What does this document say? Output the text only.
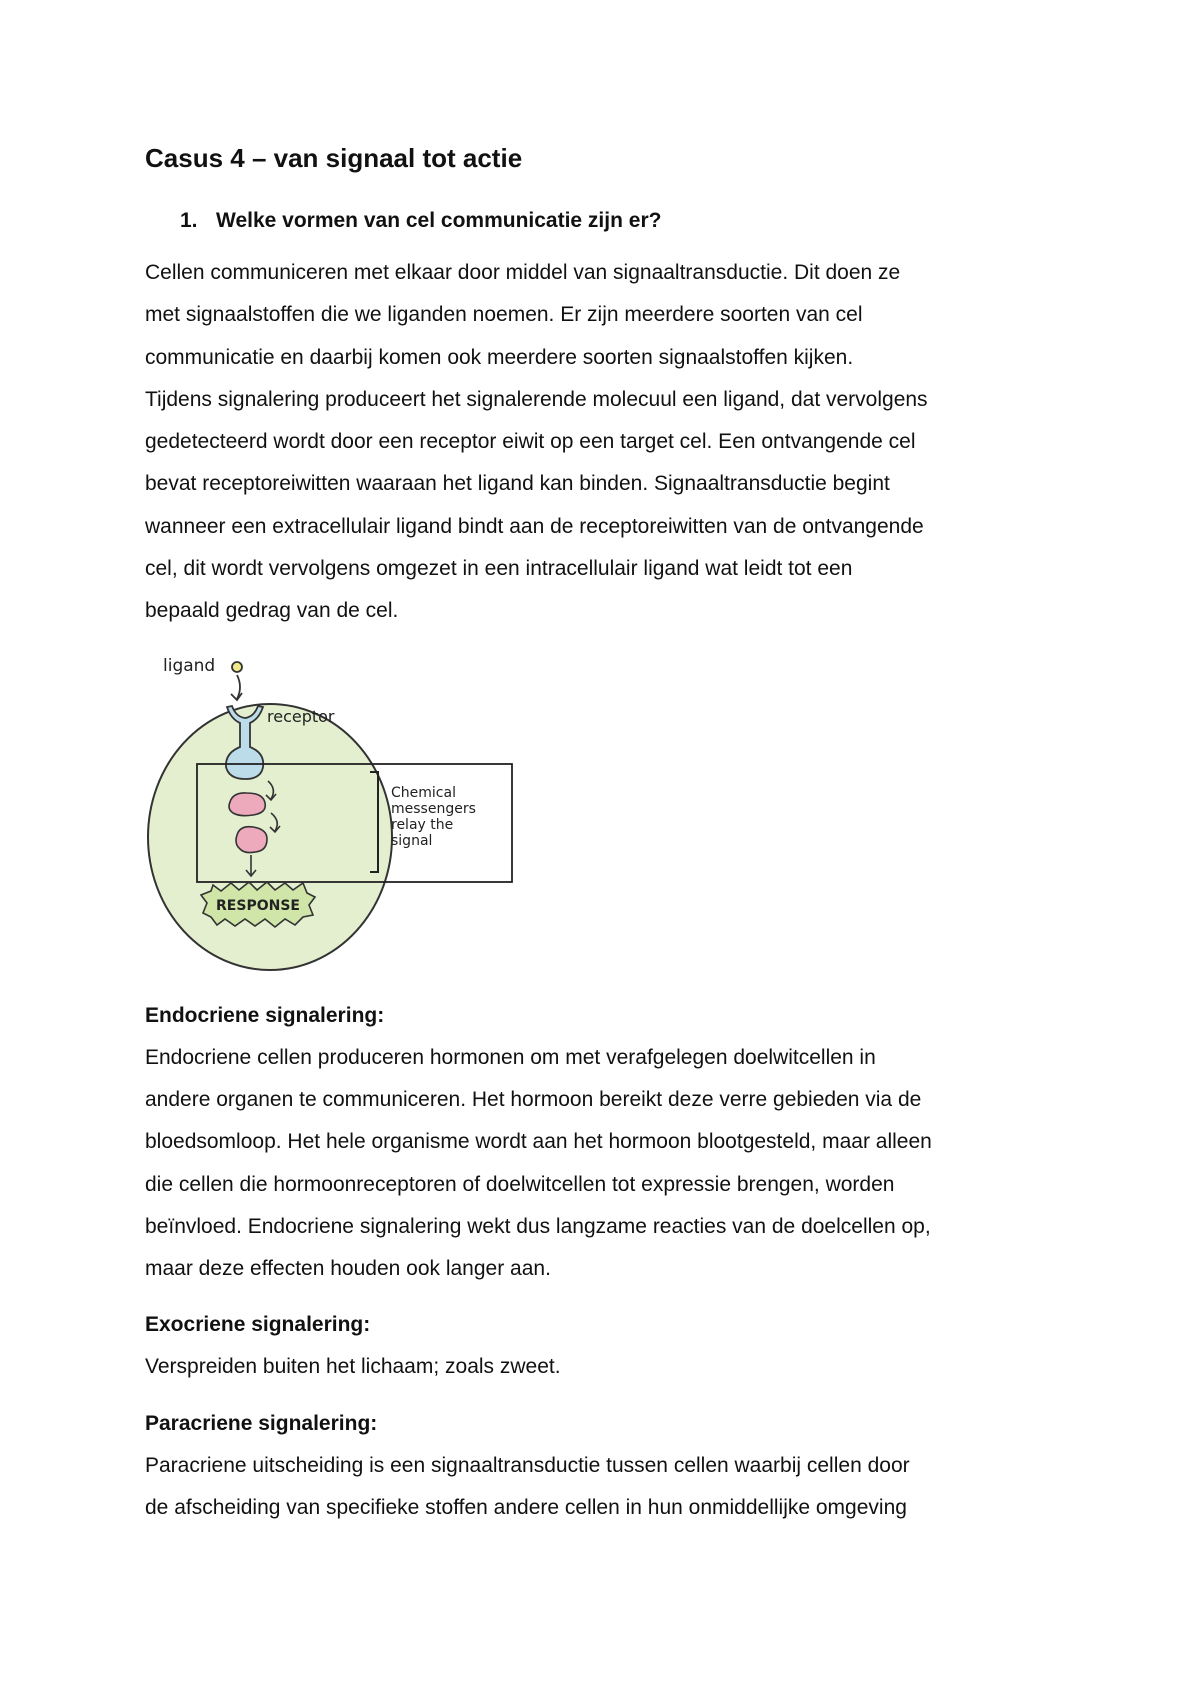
Casus 4 – van signaal tot actie
1. Welke vormen van cel communicatie zijn er?

Cellen communiceren met elkaar door middel van signaaltransductie. Dit doen ze

met signaalstoffen die we liganden noemen. Er zijn meerdere soorten van cel

communicatie en daarbij komen ook meerdere soorten signaalstoffen kijken.

Tijdens signalering produceert het signalerende molecuul een ligand, dat vervolgens

gedetecteerd wordt door een receptor eiwit op een target cel. Een ontvangende cel

bevat receptoreiwitten waaraan het ligand kan binden. Signaaltransductie begint

wanneer een extracellulair ligand bindt aan de receptoreiwitten van de ontvangende

cel, dit wordt vervolgens omgezet in een intracellulair ligand wat leidt tot een

bepaald gedrag van de cel.

ligand
receptor
Chemical
messengers
relay the
signal
RESPONSE
Endocriene signalering:

Endocriene cellen produceren hormonen om met verafgelegen doelwitcellen in

andere organen te communiceren. Het hormoon bereikt deze verre gebieden via de

bloedsomloop. Het hele organisme wordt aan het hormoon blootgesteld, maar alleen

die cellen die hormoonreceptoren of doelwitcellen tot expressie brengen, worden

beïnvloed. Endocriene signalering wekt dus langzame reacties van de doelcellen op,

maar deze effecten houden ook langer aan.

Exocriene signalering:

Verspreiden buiten het lichaam; zoals zweet.

Paracriene signalering:

Paracriene uitscheiding is een signaaltransductie tussen cellen waarbij cellen door

de afscheiding van specifieke stoffen andere cellen in hun onmiddellijke omgeving
